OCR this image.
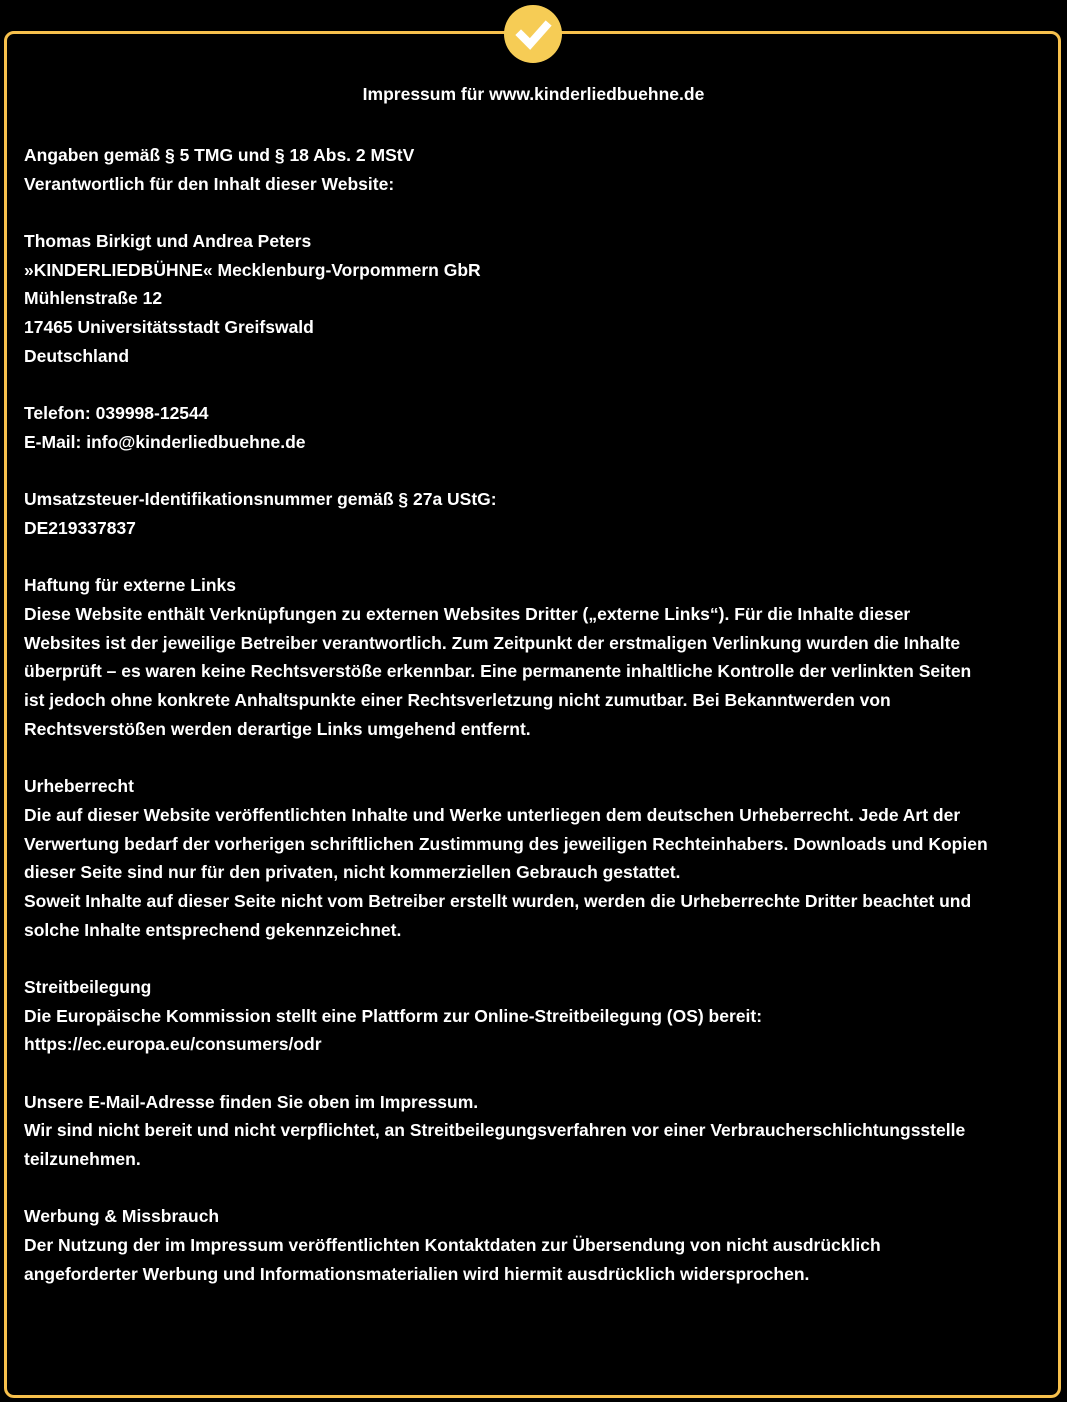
Impressum für www.kinderliedbuehne.de
Angaben gemäß § 5 TMG und § 18 Abs. 2 MStV
Verantwortlich für den Inhalt dieser Website:
Thomas Birkigt und Andrea Peters
»KINDERLIEDBÜHNE« Mecklenburg-Vorpommern GbR
Mühlenstraße 12
17465 Universitätsstadt Greifswald
Deutschland
Telefon: 039998-12544
E-Mail: info@kinderliedbuehne.de
Umsatzsteuer-Identifikationsnummer gemäß § 27a UStG:
DE219337837
Haftung für externe Links
Diese Website enthält Verknüpfungen zu externen Websites Dritter („externe Links“). Für die Inhalte dieser
Websites ist der jeweilige Betreiber verantwortlich. Zum Zeitpunkt der erstmaligen Verlinkung wurden die Inhalte
überprüft – es waren keine Rechtsverstöße erkennbar. Eine permanente inhaltliche Kontrolle der verlinkten Seiten
ist jedoch ohne konkrete Anhaltspunkte einer Rechtsverletzung nicht zumutbar. Bei Bekanntwerden von
Rechtsverstößen werden derartige Links umgehend entfernt.
Urheberrecht
Die auf dieser Website veröffentlichten Inhalte und Werke unterliegen dem deutschen Urheberrecht. Jede Art der
Verwertung bedarf der vorherigen schriftlichen Zustimmung des jeweiligen Rechteinhabers. Downloads und Kopien
dieser Seite sind nur für den privaten, nicht kommerziellen Gebrauch gestattet.
Soweit Inhalte auf dieser Seite nicht vom Betreiber erstellt wurden, werden die Urheberrechte Dritter beachtet und
solche Inhalte entsprechend gekennzeichnet.
Streitbeilegung
Die Europäische Kommission stellt eine Plattform zur Online-Streitbeilegung (OS) bereit:
https://ec.europa.eu/consumers/odr
Unsere E-Mail-Adresse finden Sie oben im Impressum.
Wir sind nicht bereit und nicht verpflichtet, an Streitbeilegungsverfahren vor einer Verbraucherschlichtungsstelle
teilzunehmen.
Werbung & Missbrauch
Der Nutzung der im Impressum veröffentlichten Kontaktdaten zur Übersendung von nicht ausdrücklich
angeforderter Werbung und Informationsmaterialien wird hiermit ausdrücklich widersprochen.
